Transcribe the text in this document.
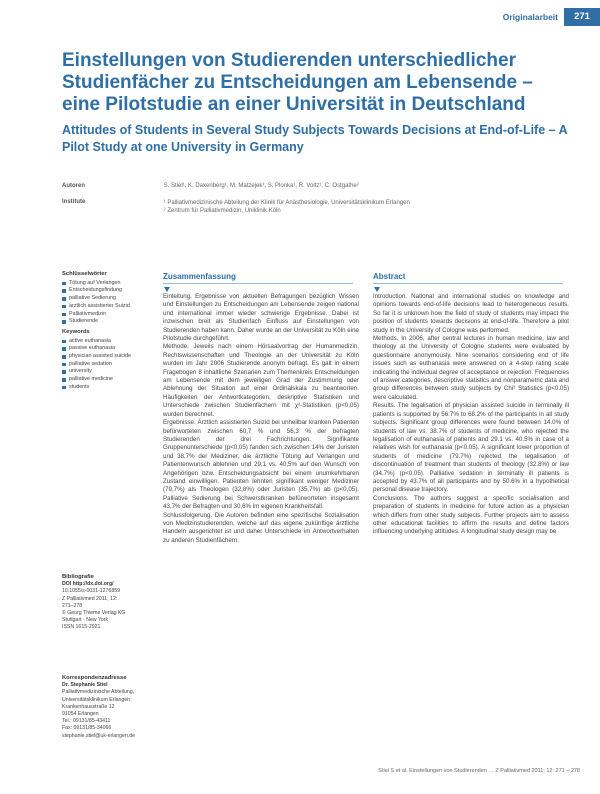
Originalarbeit	271
Einstellungen von Studierenden unterschiedlicher Studienfächer zu Entscheidungen am Lebensende – eine Pilotstudie an einer Universität in Deutschland
Attitudes of Students in Several Study Subjects Towards Decisions at End-of-Life – A Pilot Study at one University in Germany
Autoren	S. Stiel¹, K. Daxenberg¹, M. Matzejek¹, S. Plonka¹, R. Voltz¹, C. Ostgathe²
Institute	¹ Palliativmedizinische Abteilung der Klinik für Anästhesiologie, Universitätsklinikum Erlangen
² Zentrum für Palliativmedizin, Uniklinik Köln
Schlüsselwörter
Tötung auf Verlangen
Entscheidungsfindung
palliative Sedierung
ärztlich assistierter Suizid
Palliativmedizin
Studierende
Keywords
active euthanasia
passive euthanasia
physician assisted suicide
palliative sedation
university
palliative medicine
students
Bibliografie
DOI http://dx.doi.org/
10.1055/s-0031-1276859
Z Palliativmed 2011; 12:
271–278
© Georg Thieme Verlag KG
Stuttgart · New York
ISSN 1615-2921
Korrespondenzadresse
Dr. Stephanie Stiel
Palliativmedizinische Abteilung,
Universitätsklinikum Erlangen
Krankenhausstraße 12
91054 Erlangen
Tel.: 09131/85-43411
Fax: 09131/85-34066
stephanie.stiel@uk-erlangen.de
Zusammenfassung

Einleitung. Ergebnisse von aktuellen Befragungen bezüglich Wissen und Einstellungen zu Entscheidungen am Lebensende zeigen national und international immer wieder schwierige Ergebnisse. Dabei ist inzwischen breit als Studienfach Einfluss auf Einstellungen von Studierenden haben kann. Daher wurde an der Universität zu Köln eine Pilotstudie durchgeführt.

Methode. Jeweils nach einem Hörsaalvortrag der Humanmedizin, Rechtswissenschaften und Theologie an der Universität zu Köln wurden im Jahr 2006 Studierende anonym befragt. Es galt in einem Fragebogen 8 inhaltliche Szenarien zum Themenkreis Entscheidungen am Lebensende mit dem jeweiligen Grad der Zustimmung oder Ablehnung der Situation auf einer Ordinalskala zu beantworten. Häufigkeiten der Antwortkategorien, deskriptive Statistiken und Unterschiede zwischen Studienfächern mit χ²-Statistiken (p<0,05) wurden berechnet.

Ergebnisse. Ärztlich assistierten Suizid bei unheilbar kranken Patienten befürworteten zwischen 60,7 % und 56,3 % der befragten Studierenden der drei Fachrichtungen. Signifikante Gruppenunterschiede (p<0,05) fanden sich zwischen 14% der Juristen und 38,7% der Mediziner, die ärztliche Tötung auf Verlangen und Patientenwunsch ablehnen und 29,1 vs. 40,5% auf den Wunsch von Angehörigen bzw. Entscheidungsabsicht bei einem unumkehrbaren Zustand einwilligen. Patienten lehnten signifikant weniger Mediziner (79,7%) als Theologen (32,8%) oder Juristen (35,7%) ab (p<0,05). Palliative Sedierung bei Schwerstkranken befürworteten insgesamt 43,7% der Befragten und 30,6% im eigenen Krankheitsfall.

Schlussfolgerung. Die Autoren befinden eine spezifische Sozialisation von Medizinstudierenden, welche auf das eigene zukünftige ärztliche Handeln ausgerichtet ist und daher Unterschiede im Antwortverhalten zu anderen Studienfächern.

Abstract

Introduction. National and international studies on knowledge and opinions towards end-of-life decisions lead to heterogeneous results. So far it is unknown how the field of study of students may impact the position of students towards decisions at end-of-life. Therefore a pilot study in the University of Cologne was performed.

Methods. In 2006, after central lectures in human medicine, law and theology at the University of Cologne students were evaluated by questionnaire anonymously. Nine scenarios considering end of life issues such as euthanasia were answered on a 4-step rating scale indicating the individual degree of acceptance or rejection. Frequencies of answer categories, descriptive statistics and nonparametric data and group differences between study subjects by Chi² Statistics (p<0.05) were calculated.

Results. The legalisation of physician assisted suicide in terminally ill patients is supported by 56.7% to 68.2% of the participants in all study subjects. Significant group differences were found between 14.0% of students of law vs. 38.7% of students of medicine, who rejected the legalisation of euthanasia of patients and 29.1 vs. 40.5% in case of a relatives wish for euthanasia (p<0.05). A significant lower proportion of students of medicine (79.7%) rejected the legalisation of discontinuation of treatment than students of theology (32.8%) or law (34.7%) (p<0.05). Palliative sedation in terminally ill patients is accepted by 43.7% of all participants and by 50.6% in a hypothetical personal disease trajectory.

Conclusions. The authors suggest a specific socialisation and preparation of students in medicine for future action as a physician which differs from other study subjects. Further projects aim to assess other educational facilities to affirm the results and define factors influencing underlying attitudes. A longitudinal study design may be

Stiel S et al. Einstellungen von Studierenden … Z Palliativmed 2011; 12: 271 – 278
